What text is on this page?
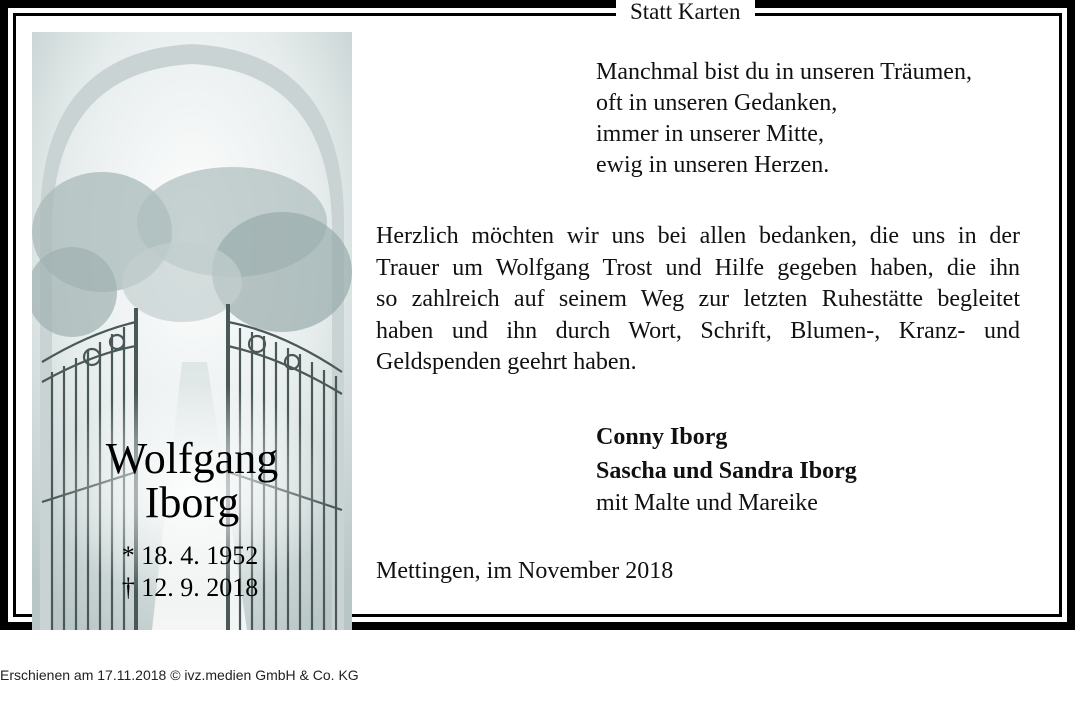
Wolfgang
Iborg
* 18. 4. 1952
† 12. 9. 2018
Statt Karten
Manchmal bist du in unseren Träumen,
oft in unseren Gedanken,
immer in unserer Mitte,
ewig in unseren Herzen.
Herzlich möchten wir uns bei allen bedanken, die uns in der
Trauer um Wolfgang Trost und Hilfe gegeben haben, die ihn
so zahlreich auf seinem Weg zur letzten Ruhestätte begleitet
haben und ihn durch Wort, Schrift, Blumen-, Kranz- und
Geldspenden geehrt haben.
Conny Iborg
Sascha und Sandra Iborg
mit Malte und Mareike
Mettingen, im November 2018
Erschienen am 17.11.2018 © ivz.medien GmbH & Co. KG
